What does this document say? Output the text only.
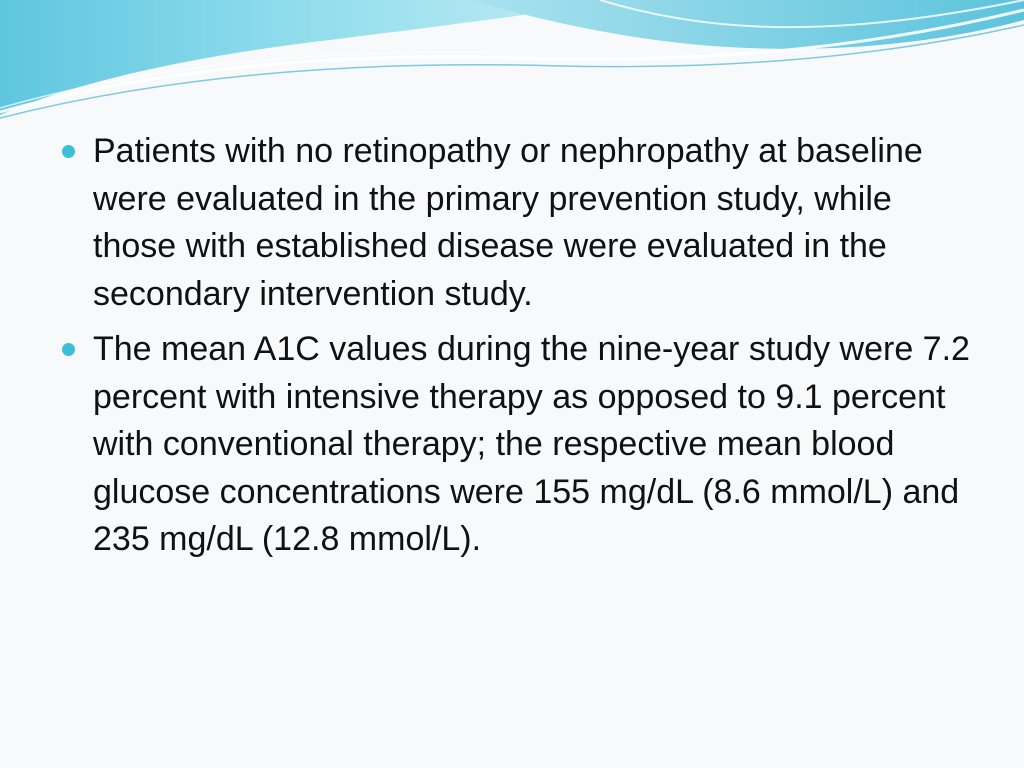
Patients with no retinopathy or nephropathy at baseline were evaluated in the primary prevention study, while those with established disease were evaluated in the secondary intervention study.
The mean A1C values during the nine-year study were 7.2 percent with intensive therapy as opposed to 9.1 percent with conventional therapy; the respective mean blood glucose concentrations were 155 mg/dL (8.6 mmol/L) and 235 mg/dL (12.8 mmol/L).
